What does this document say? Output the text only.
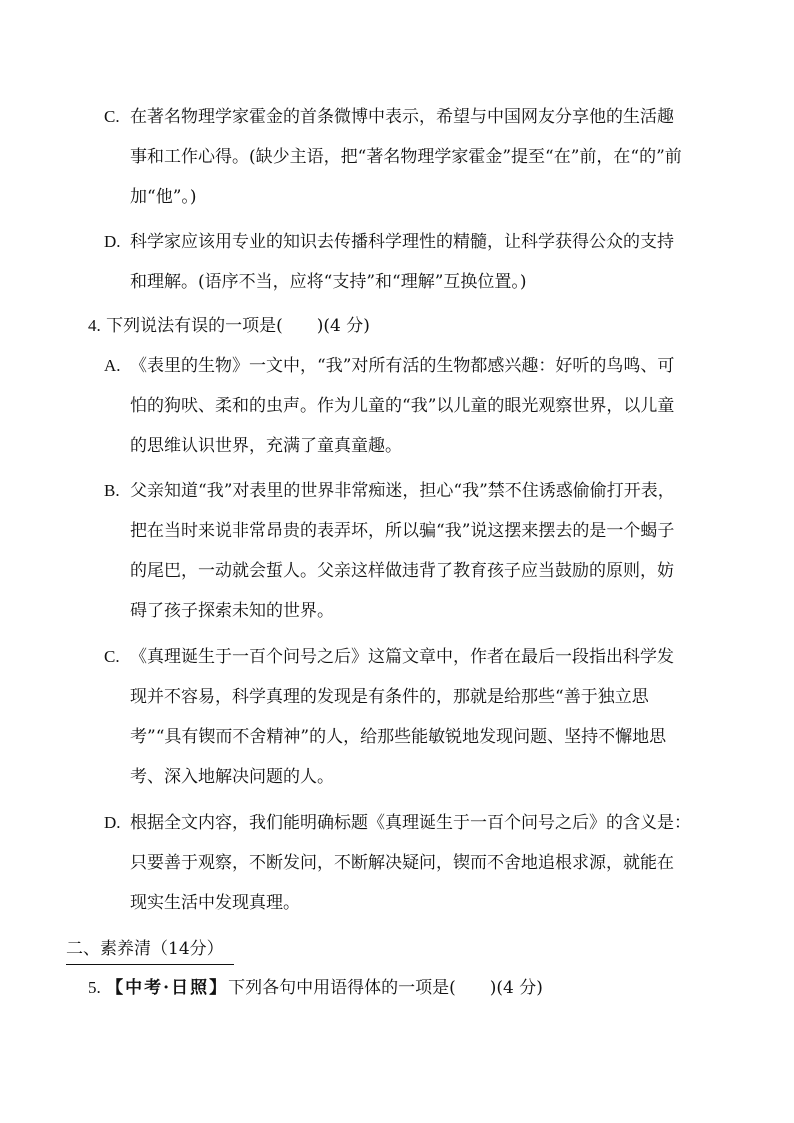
C. 在著名物理学家霍金的首条微博中表示，希望与中国网友分享他的生活趣

事和工作心得。(缺少主语，把“著名物理学家霍金”提至“在”前，在“的”前

加“他”。)

D. 科学家应该用专业的知识去传播科学理性的精髓，让科学获得公众的支持

和理解。(语序不当，应将“支持”和“理解”互换位置。)

4. 下列说法有误的一项是(　　)(4 分)

A. 《表里的生物》一文中，“我”对所有活的生物都感兴趣：好听的鸟鸣、可

怕的狗吠、柔和的虫声。作为儿童的“我”以儿童的眼光观察世界，以儿童

的思维认识世界，充满了童真童趣。

B. 父亲知道“我”对表里的世界非常痴迷，担心“我”禁不住诱惑偷偷打开表，

把在当时来说非常昂贵的表弄坏，所以骗“我”说这摆来摆去的是一个蝎子

的尾巴，一动就会蜇人。父亲这样做违背了教育孩子应当鼓励的原则，妨

碍了孩子探索未知的世界。

C. 《真理诞生于一百个问号之后》这篇文章中，作者在最后一段指出科学发

现并不容易，科学真理的发现是有条件的，那就是给那些“善于独立思

考”“具有锲而不舍精神”的人，给那些能敏锐地发现问题、坚持不懈地思

考、深入地解决问题的人。

D. 根据全文内容，我们能明确标题《真理诞生于一百个问号之后》的含义是：

只要善于观察，不断发问，不断解决疑问，锲而不舍地追根求源，就能在

现实生活中发现真理。

二、素养清（14分）
5. 【中考·日照】下列各句中用语得体的一项是(　　)(4 分)
